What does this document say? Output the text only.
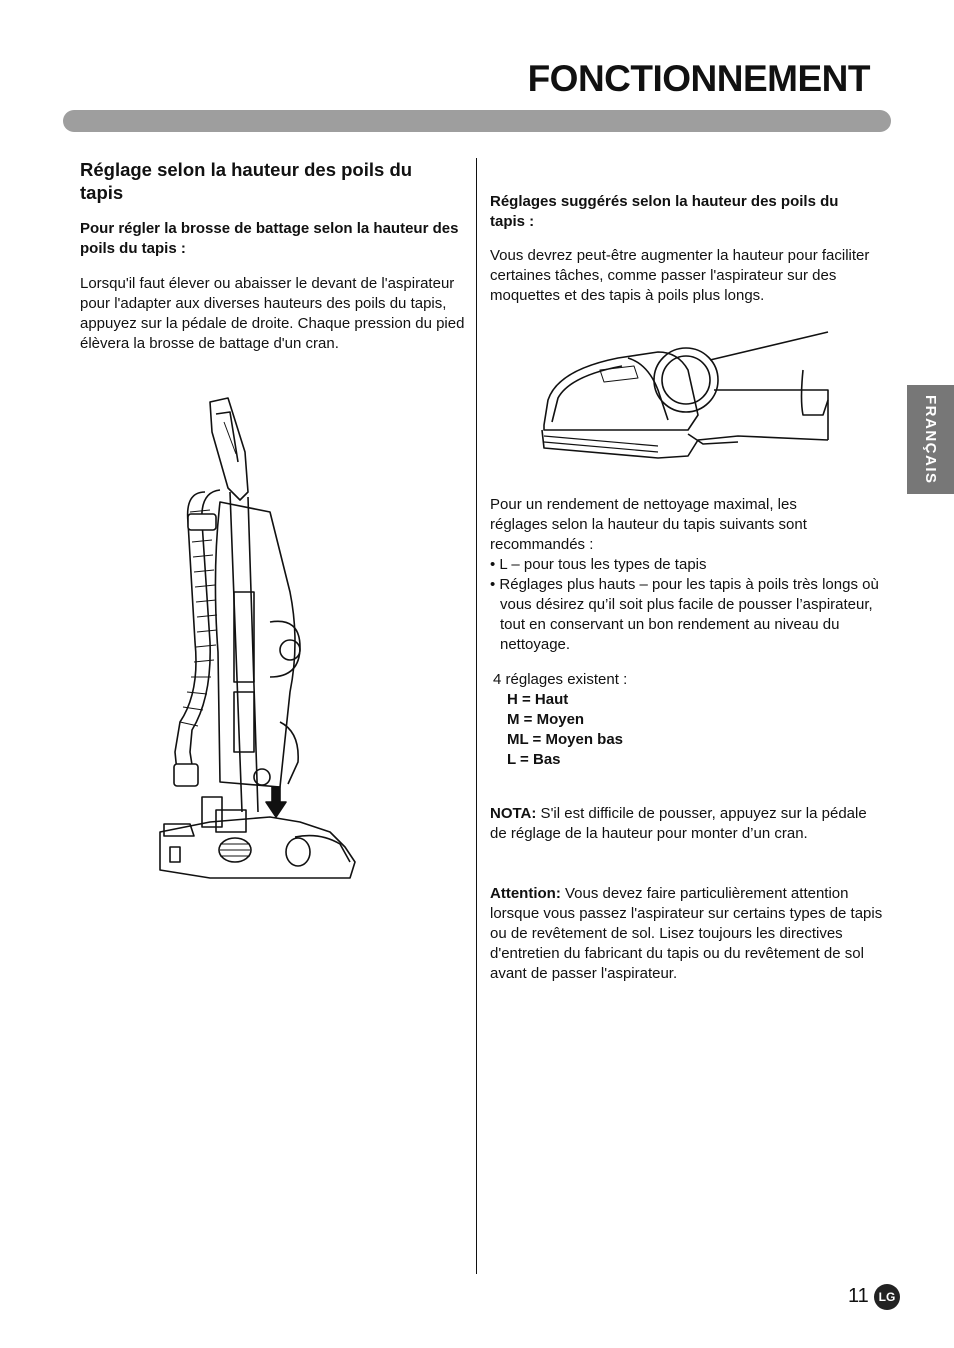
FONCTIONNEMENT
FRANÇAIS
Réglage selon la hauteur des poils du tapis

Pour régler la brosse de battage selon la hauteur des poils du tapis :

Lorsqu'il faut élever ou abaisser le devant de l'aspirateur pour l'adapter aux diverses hauteurs des poils du tapis, appuyez sur la pédale de droite. Chaque pression du pied élèvera la brosse de battage d'un cran.

Réglages suggérés selon la hauteur des poils du tapis :

Vous devrez peut-être augmenter la hauteur pour faciliter certaines tâches, comme passer l'aspirateur sur des moquettes et des tapis à poils plus longs.

Pour un rendement de nettoyage maximal, les réglages selon la hauteur du tapis suivants sont recommandés :

• L – pour tous les types de tapis
• Réglages plus hauts – pour les tapis à poils très longs où vous désirez qu’il soit plus facile de pousser l’aspirateur, tout en conservant un bon rendement au niveau du nettoyage.

4 réglages existent :

H = Haut
M = Moyen
ML = Moyen bas
L = Bas

NOTA: S'il est difficile de pousser, appuyez sur la pédale de réglage de la hauteur pour monter d’un cran.

Attention: Vous devez faire particulièrement attention lorsque vous passez l'aspirateur sur certains types de tapis ou de revêtement de sol. Lisez toujours les directives d'entretien du fabricant du tapis ou du revêtement de sol avant de passer l'aspirateur.

11 LG
